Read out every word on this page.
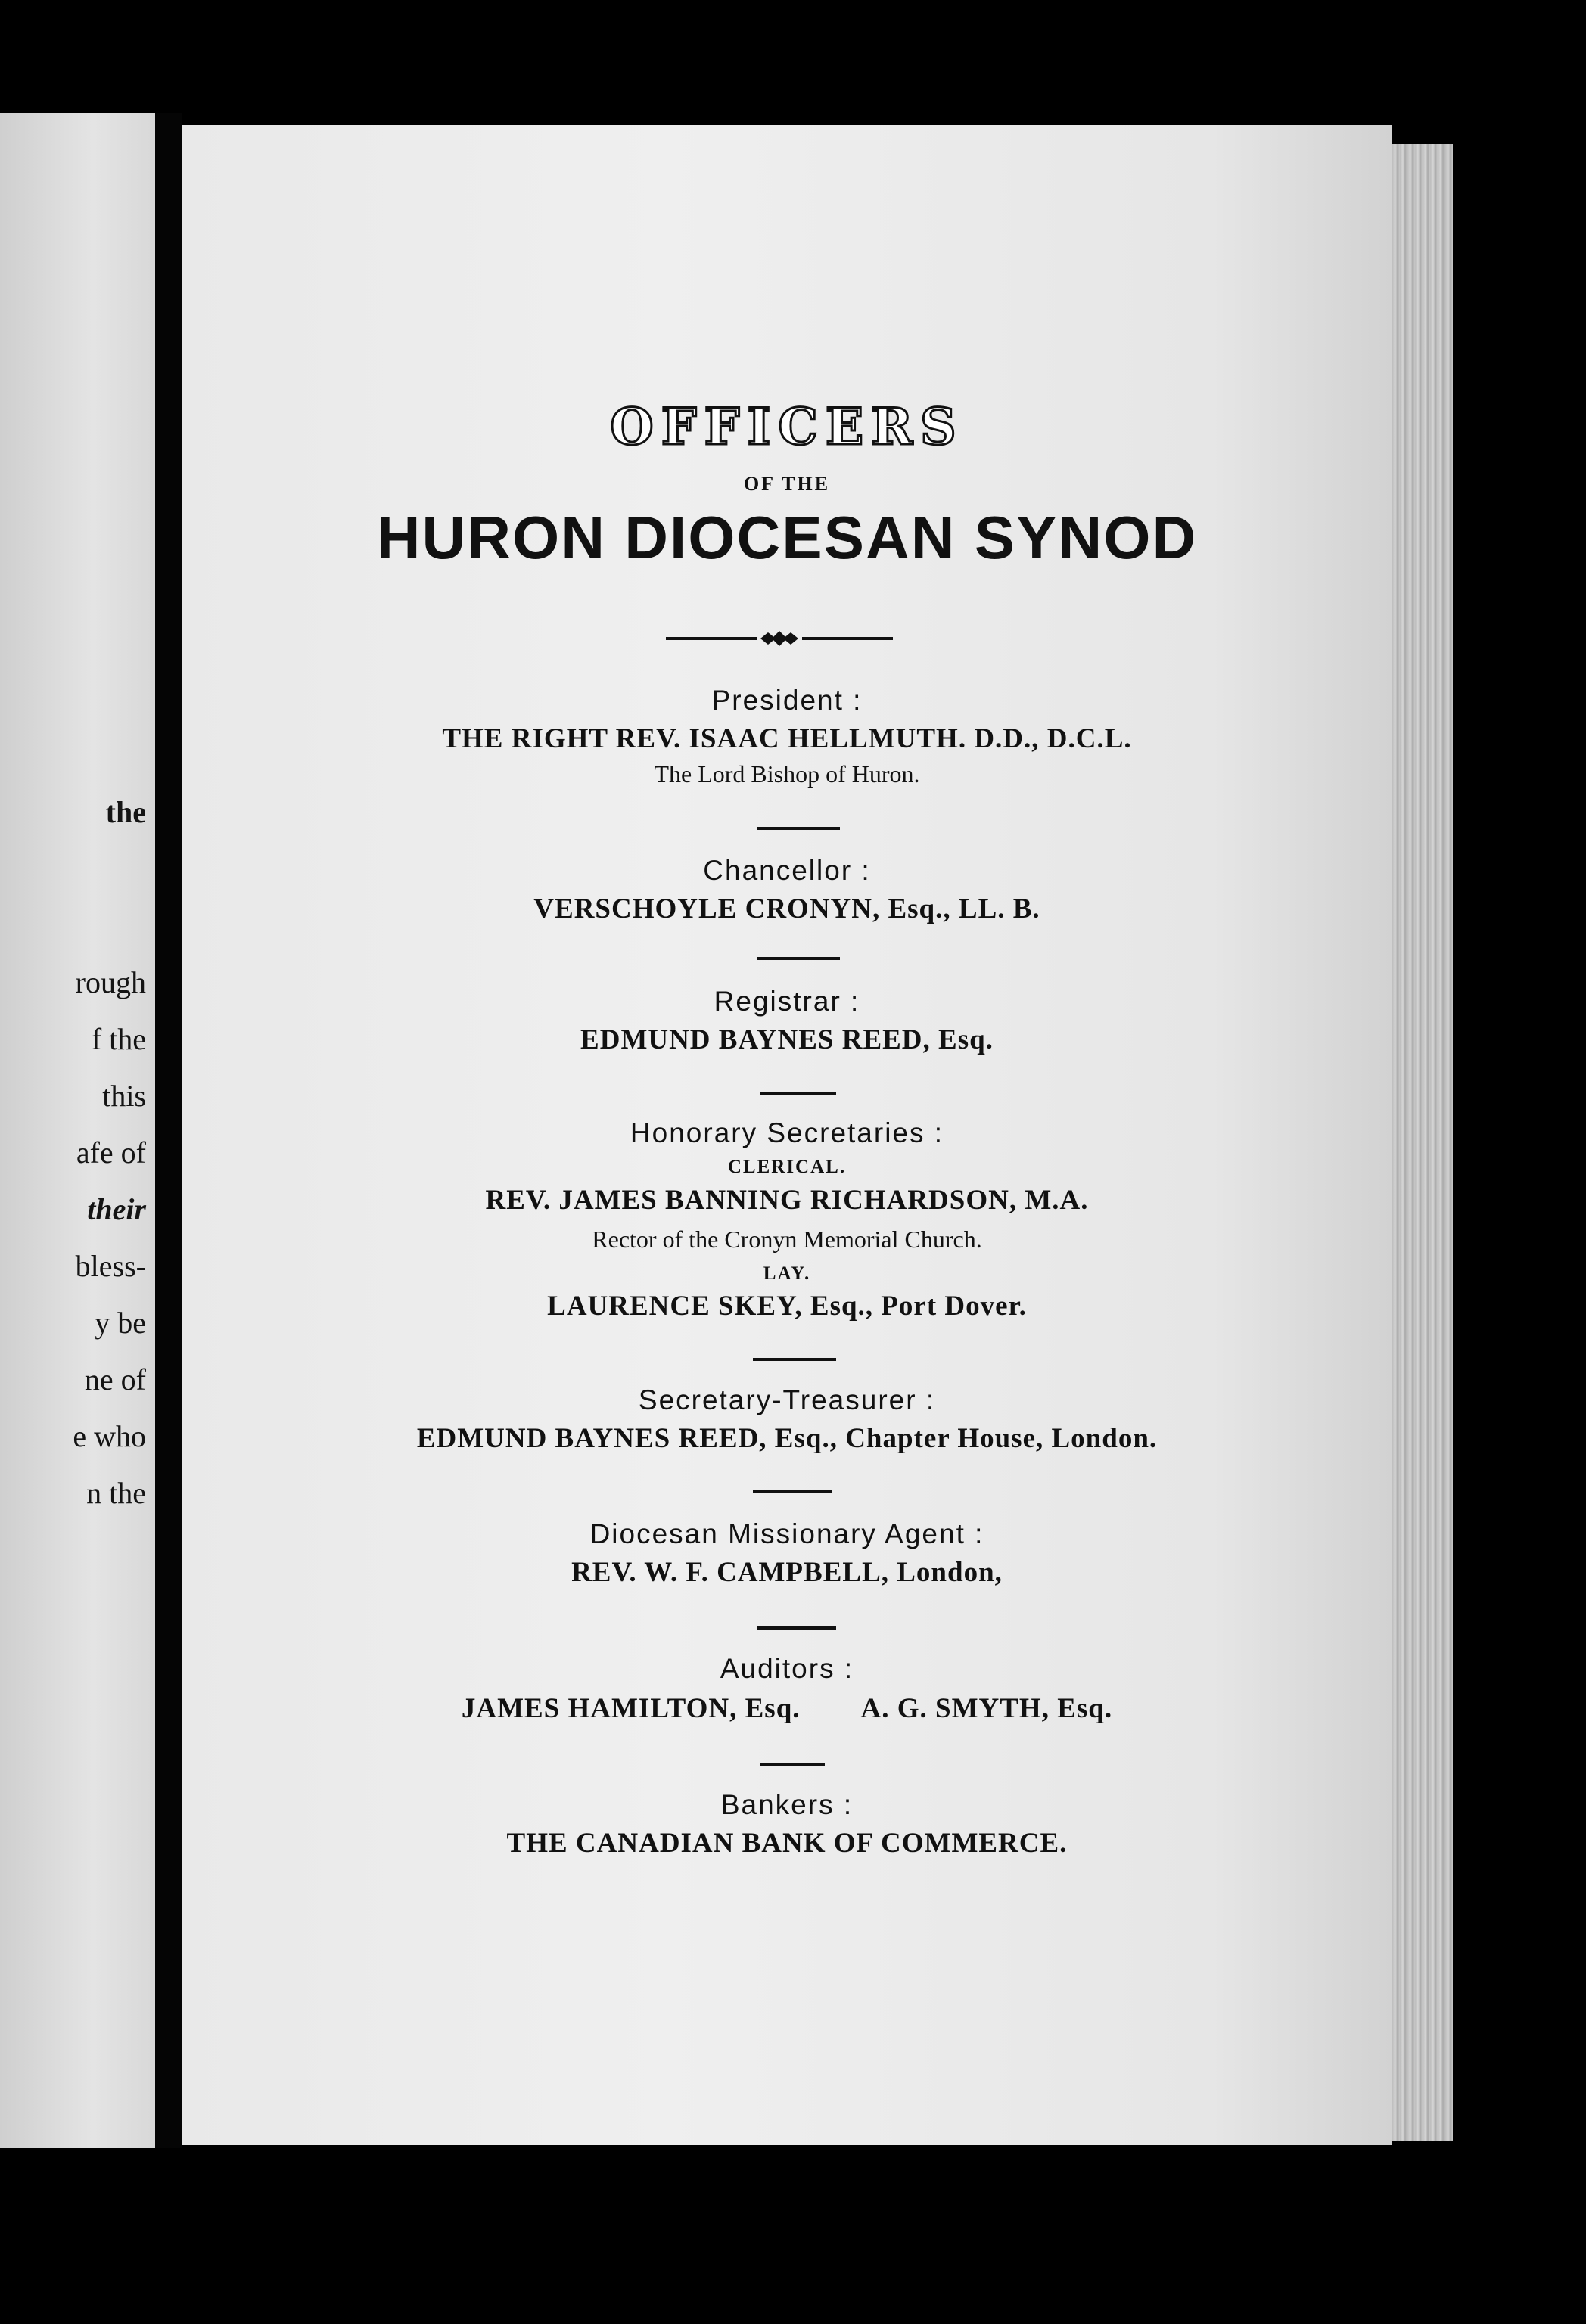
the
rough
f the
this
afe of
their
bless-
y be
ne of
e who
n the
OFFICERS
OF THE
HURON DIOCESAN SYNOD
President :
THE RIGHT REV. ISAAC HELLMUTH. D.D., D.C.L.
The Lord Bishop of Huron.
Chancellor :
VERSCHOYLE CRONYN, Esq., LL. B.
Registrar :
EDMUND BAYNES REED, Esq.
Honorary Secretaries :
CLERICAL.
REV. JAMES BANNING RICHARDSON, M.A.
Rector of the Cronyn Memorial Church.
LAY.
LAURENCE SKEY, Esq., Port Dover.
Secretary-Treasurer :
EDMUND BAYNES REED, Esq., Chapter House, London.
Diocesan Missionary Agent :
REV. W. F. CAMPBELL, London,
Auditors :
JAMES HAMILTON, Esq. A. G. SMYTH, Esq.
Bankers :
THE CANADIAN BANK OF COMMERCE.
